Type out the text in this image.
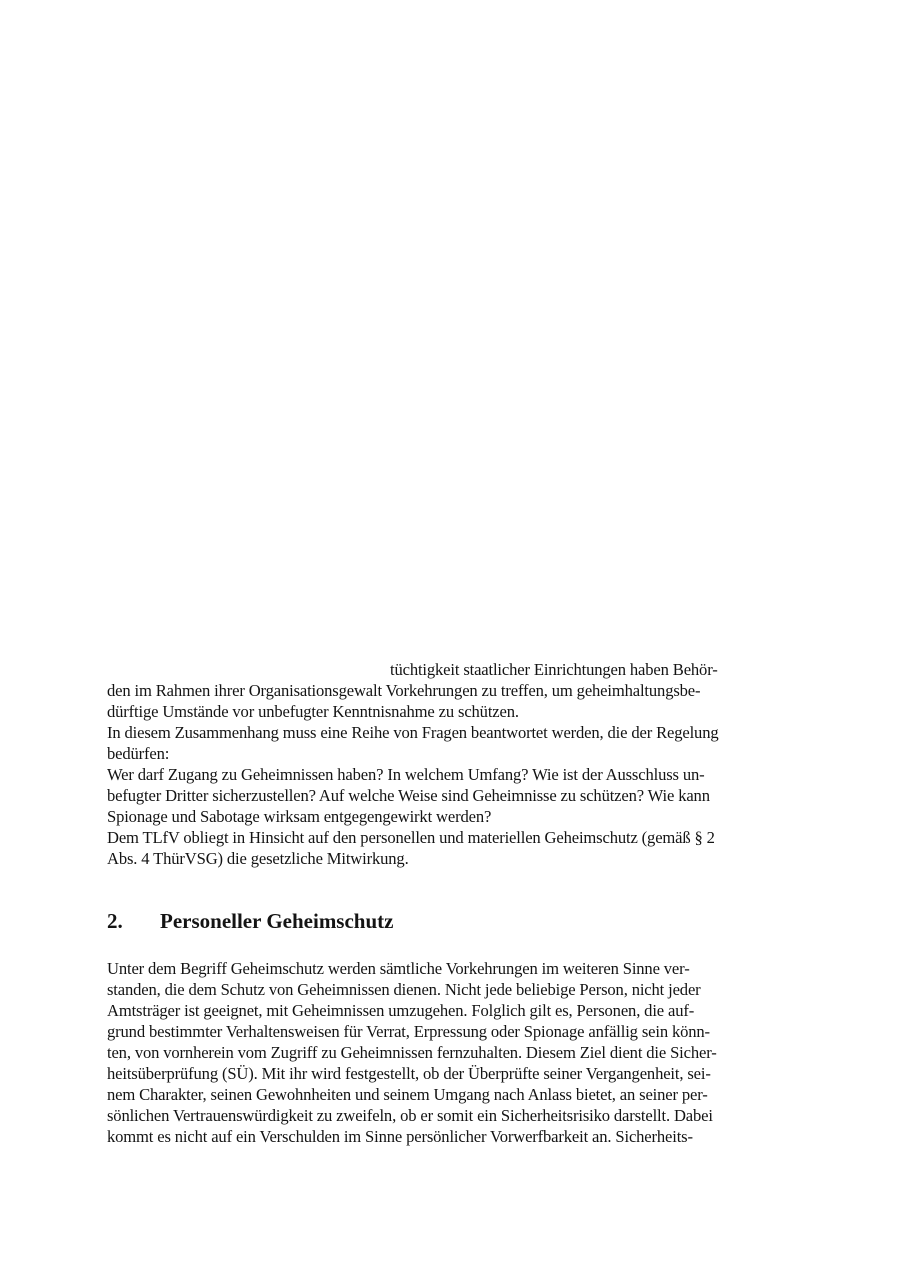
tüchtigkeit staatlicher Einrichtungen haben Behör-
den im Rahmen ihrer Organisationsgewalt Vorkehrungen zu treffen, um geheimhaltungsbe-
dürftige Umstände vor unbefugter Kenntnisnahme zu schützen.
In diesem Zusammenhang muss eine Reihe von Fragen beantwortet werden, die der Regelung
bedürfen:
Wer darf Zugang zu Geheimnissen haben? In welchem Umfang? Wie ist der Ausschluss un-
befugter Dritter sicherzustellen? Auf welche Weise sind Geheimnisse zu schützen? Wie kann
Spionage und Sabotage wirksam entgegengewirkt werden?
Dem TLfV obliegt in Hinsicht auf den personellen und materiellen Geheimschutz (gemäß § 2
Abs. 4 ThürVSG) die gesetzliche Mitwirkung.
2. Personeller Geheimschutz
Unter dem Begriff Geheimschutz werden sämtliche Vorkehrungen im weiteren Sinne ver-
standen, die dem Schutz von Geheimnissen dienen. Nicht jede beliebige Person, nicht jeder
Amtsträger ist geeignet, mit Geheimnissen umzugehen. Folglich gilt es, Personen, die auf-
grund bestimmter Verhaltensweisen für Verrat, Erpressung oder Spionage anfällig sein könn-
ten, von vornherein vom Zugriff zu Geheimnissen fernzuhalten. Diesem Ziel dient die Sicher-
heitsüberprüfung (SÜ). Mit ihr wird festgestellt, ob der Überprüfte seiner Vergangenheit, sei-
nem Charakter, seinen Gewohnheiten und seinem Umgang nach Anlass bietet, an seiner per-
sönlichen Vertrauenswürdigkeit zu zweifeln, ob er somit ein Sicherheitsrisiko darstellt. Dabei
kommt es nicht auf ein Verschulden im Sinne persönlicher Vorwerfbarkeit an. Sicherheits-
